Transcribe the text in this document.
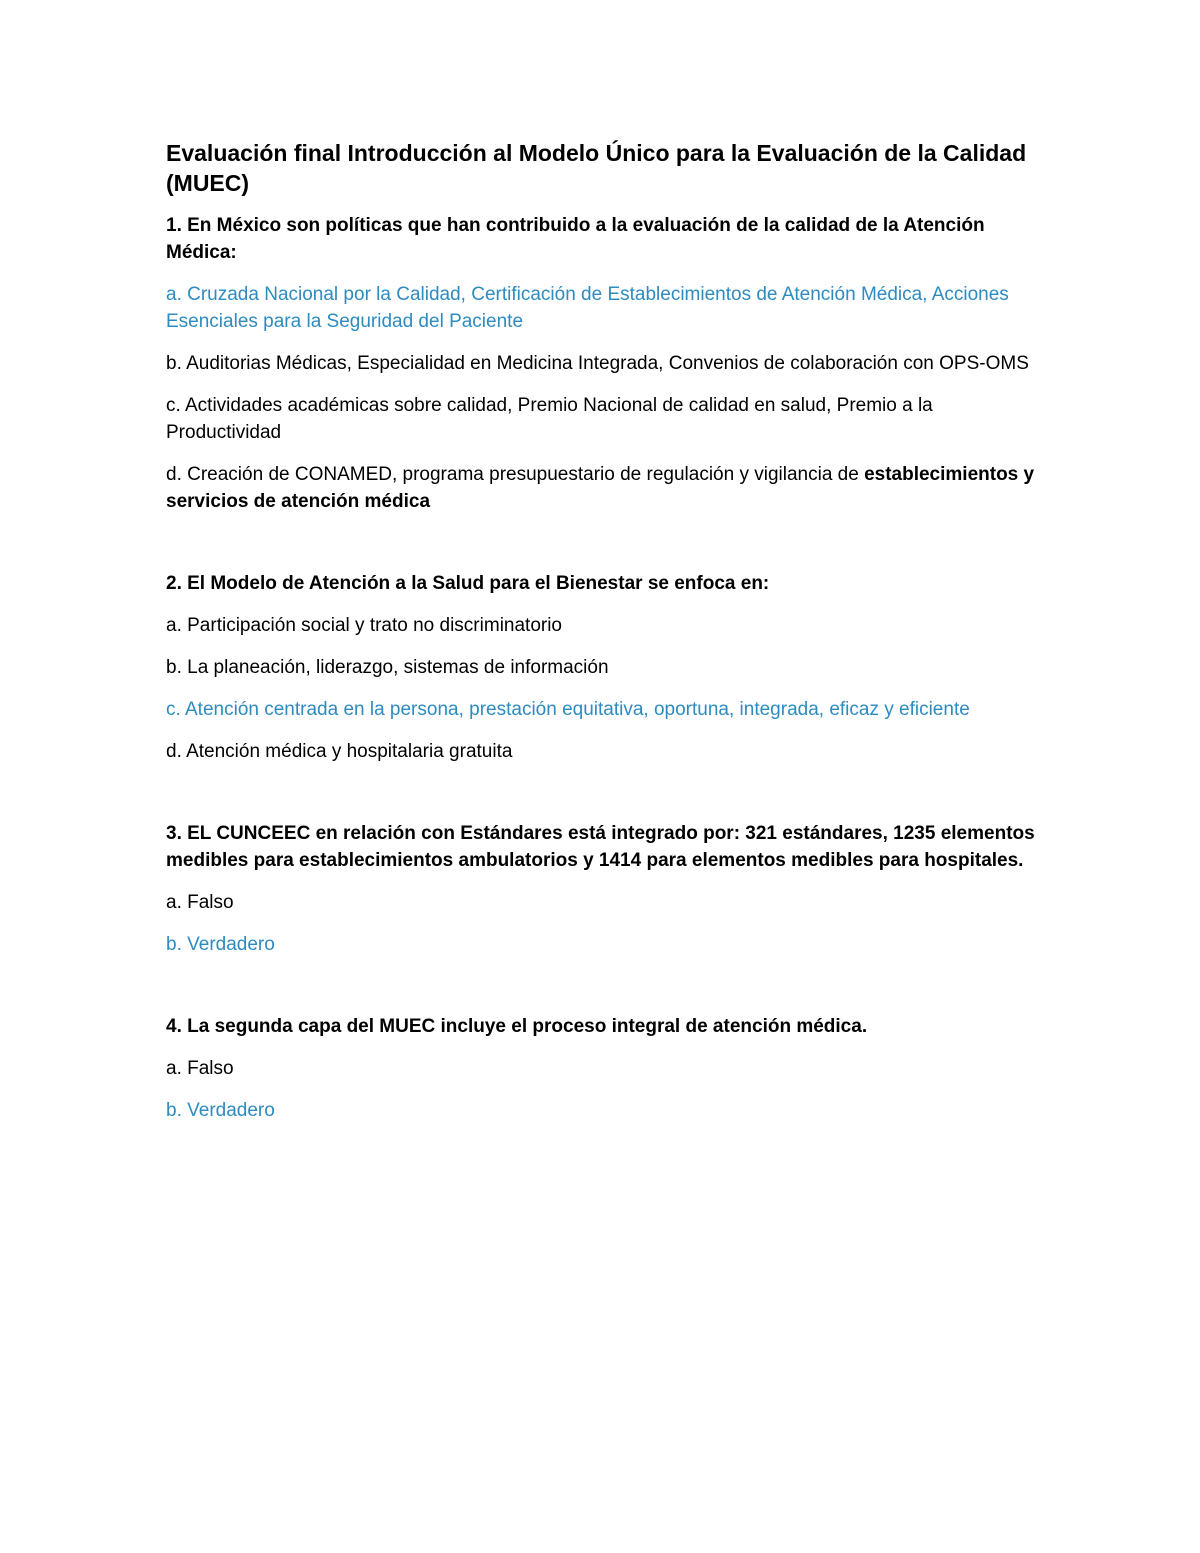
Evaluación final Introducción al Modelo Único para la Evaluación de la Calidad (MUEC)
1. En México son políticas que han contribuido a la evaluación de la calidad de la Atención Médica:
a. Cruzada Nacional por la Calidad, Certificación de Establecimientos de Atención Médica, Acciones Esenciales para la Seguridad del Paciente
b. Auditorias Médicas, Especialidad en Medicina Integrada, Convenios de colaboración con OPS-OMS
c. Actividades académicas sobre calidad, Premio Nacional de calidad en salud, Premio a la Productividad
d. Creación de CONAMED, programa presupuestario de regulación y vigilancia de establecimientos y servicios de atención médica
2. El Modelo de Atención a la Salud para el Bienestar se enfoca en:
a. Participación social y trato no discriminatorio
b. La planeación, liderazgo, sistemas de información
c. Atención centrada en la persona, prestación equitativa, oportuna, integrada, eficaz y eficiente
d. Atención médica y hospitalaria gratuita
3. EL CUNCEEC en relación con Estándares está integrado por: 321 estándares, 1235 elementos medibles para establecimientos ambulatorios y 1414 para elementos medibles para hospitales.
a. Falso
b. Verdadero
4. La segunda capa del MUEC incluye el proceso integral de atención médica.
a. Falso
b. Verdadero
